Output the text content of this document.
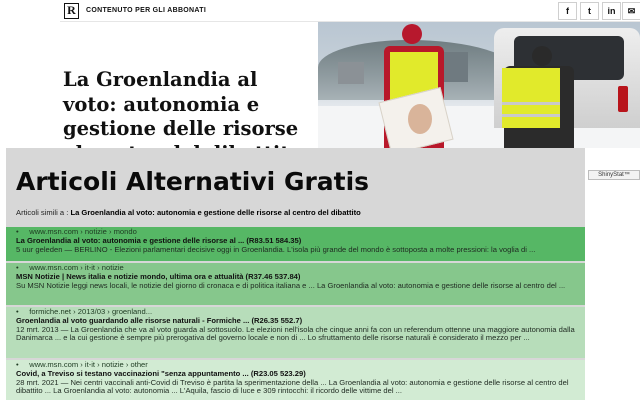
R	CONTENUTO PER GLI ABBONATI	f	t	in	✉
La Groenlandia al voto: autonomia e gestione delle risorse
Articoli Alternativi Gratis
Articoli simili a : La Groenlandia al voto: autonomia e gestione delle risorse al centro del dibattito
•     www.msn.com › notizie › mondo
La Groenlandia al voto: autonomia e gestione delle risorse al ... (R83.51 584.35)
5 uur geleden — BERLINO - Elezioni parlamentari decisive oggi in Groenlandia. L'isola più grande del mondo è sottoposta a molte pressioni: la voglia di ...
•     www.msn.com › it-it › notizie
MSN Notizie | News italia e notizie mondo, ultima ora e attualità (R37.46 537.84)
Su MSN Notizie leggi news locali, le notizie del giorno di cronaca e di politica italiana e ... La Groenlandia al voto: autonomia e gestione delle risorse al centro del ...
•     formiche.net › 2013/03 › groenland...
Groenlandia al voto guardando alle risorse naturali - Formiche ... (R26.35 552.7)
12 mrt. 2013 — La Groenlandia che va al voto guarda al sottosuolo. Le elezioni nell'isola che cinque anni fa con un referendum ottenne una maggiore autonomia dalla Danimarca ... e la cui gestione è sempre più prerogativa del governo locale e non di ... Lo sfruttamento delle risorse naturali è considerato il mezzo per ...
•     www.msn.com › it-it › notizie › other
Covid, a Treviso si testano vaccinazioni "senza appuntamento ... (R23.05 523.29)
28 mrt. 2021 — Nei centri vaccinali anti-Covid di Treviso è partita la sperimentazione della ... La Groenlandia al voto: autonomia e gestione delle risorse al centro del dibattito ... La Groenlandia al voto: autonomia ... L'Aquila, fascio di luce e 309 rintocchi: il ricordo delle vittime del ...
ShinyStat™
